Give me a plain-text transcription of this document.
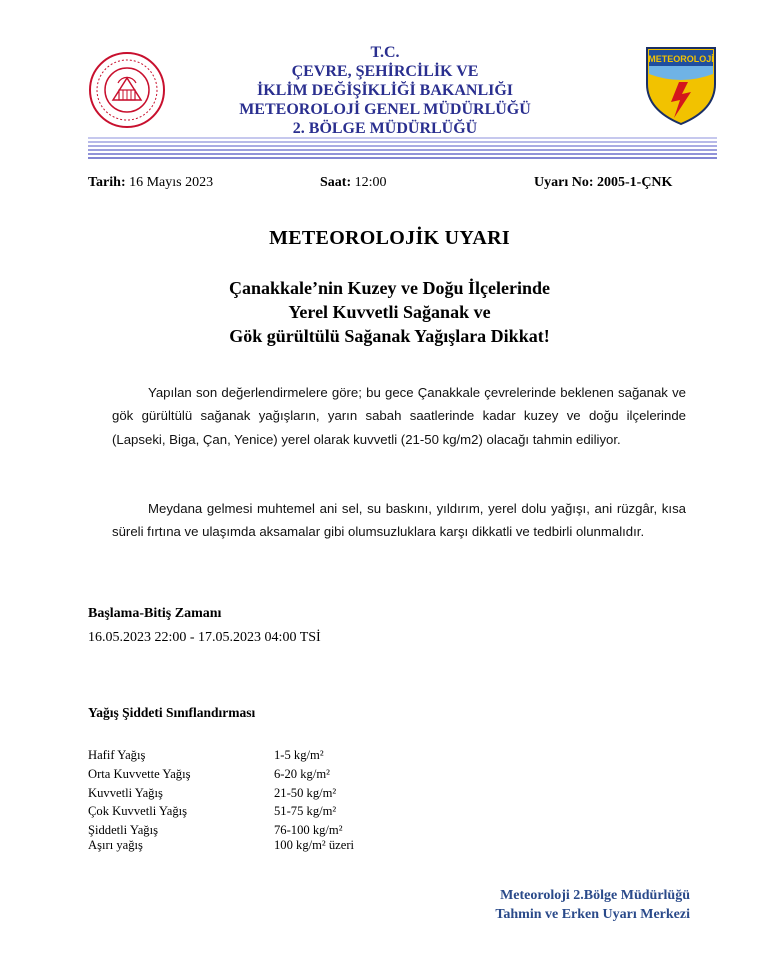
T.C.
ÇEVRE, ŞEHİRCİLİK VE
İKLİM DEĞİŞİKLİĞİ BAKANLIĞI
METEOROLOJİ GENEL MÜDÜRLÜĞÜ
2. BÖLGE MÜDÜRLÜĞÜ
METEOROLOJİ
Tarih: 16 Mayıs 2023	Saat: 12:00	Uyarı No: 2005-1-ÇNK
METEOROLOJİK UYARI
Çanakkale’nin Kuzey ve Doğu İlçelerinde
Yerel Kuvvetli Sağanak ve
Gök gürültülü Sağanak Yağışlara Dikkat!
Yapılan son değerlendirmelere göre; bu gece Çanakkale çevrelerinde beklenen sağanak ve gök gürültülü sağanak yağışların, yarın sabah saatlerinde kadar kuzey ve doğu ilçelerinde (Lapseki, Biga, Çan, Yenice) yerel olarak kuvvetli (21-50 kg/m2) olacağı tahmin ediliyor.
Meydana gelmesi muhtemel ani sel, su baskını, yıldırım, yerel dolu yağışı, ani rüzgâr, kısa süreli fırtına ve ulaşımda aksamalar gibi olumsuzluklara karşı dikkatli ve tedbirli olunmalıdır.
Başlama-Bitiş Zamanı
16.05.2023 22:00 - 17.05.2023 04:00 TSİ
Yağış Şiddeti Sınıflandırması
Hafif Yağış	1-5 kg/m²
Orta Kuvvette Yağış	6-20 kg/m²
Kuvvetli Yağış	21-50 kg/m²
Çok Kuvvetli Yağış	51-75 kg/m²
Şiddetli Yağış	76-100 kg/m²
Aşırı yağış	100 kg/m² üzeri
Meteoroloji 2.Bölge Müdürlüğü
Tahmin ve Erken Uyarı Merkezi
